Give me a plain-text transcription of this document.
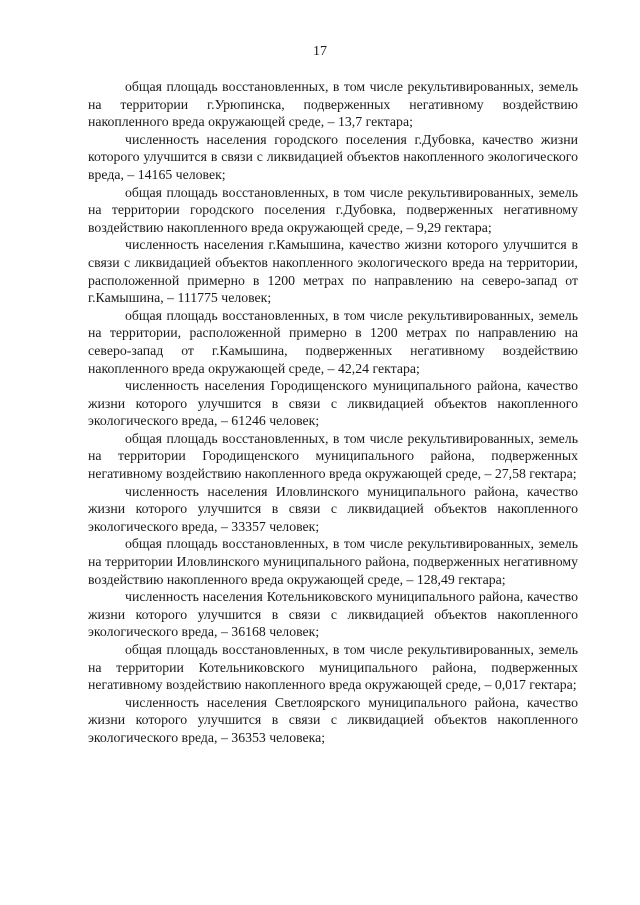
17

общая площадь восстановленных, в том числе рекультивированных, земель на территории г.Урюпинска, подверженных негативному воздействию накопленного вреда окружающей среде, – 13,7 гектара;

численность населения городского поселения г.Дубовка, качество жизни которого улучшится в связи с ликвидацией объектов накопленного экологического вреда, – 14165 человек;

общая площадь восстановленных, в том числе рекультивированных, земель на территории городского поселения г.Дубовка, подверженных негативному воздействию накопленного вреда окружающей среде, – 9,29 гектара;

численность населения г.Камышина, качество жизни которого улучшится в связи с ликвидацией объектов накопленного экологического вреда на территории, расположенной примерно в 1200 метрах по направлению на северо-запад от г.Камышина, – 111775 человек;

общая площадь восстановленных, в том числе рекультивированных, земель на территории, расположенной примерно в 1200 метрах по направлению на северо-запад от г.Камышина, подверженных негативному воздействию накопленного вреда окружающей среде, – 42,24 гектара;

численность населения Городищенского муниципального района, качество жизни которого улучшится в связи с ликвидацией объектов накопленного экологического вреда, – 61246 человек;

общая площадь восстановленных, в том числе рекультивированных, земель на территории Городищенского муниципального района, подверженных негативному воздействию накопленного вреда окружающей среде, – 27,58 гектара;

численность населения Иловлинского муниципального района, качество жизни которого улучшится в связи с ликвидацией объектов накопленного экологического вреда, – 33357 человек;

общая площадь восстановленных, в том числе рекультивированных, земель на территории Иловлинского муниципального района, подверженных негативному воздействию накопленного вреда окружающей среде, – 128,49 гектара;

численность населения Котельниковского муниципального района, качество жизни которого улучшится в связи с ликвидацией объектов накопленного экологического вреда, – 36168 человек;

общая площадь восстановленных, в том числе рекультивированных, земель на территории Котельниковского муниципального района, подверженных негативному воздействию накопленного вреда окружающей среде, – 0,017 гектара;

численность населения Светлоярского муниципального района, качество жизни которого улучшится в связи с ликвидацией объектов накопленного экологического вреда, – 36353 человека;
